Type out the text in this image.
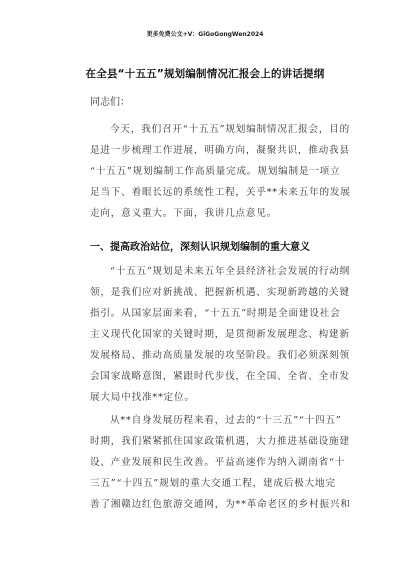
更多免费公文+V：GiGoGongWen2024
在全县“十五五”规划编制情况汇报会上的讲话提纲
同志们：
今天，我们召开“十五五”规划编制情况汇报会，目的
是进一步梳理工作进展，明确方向，凝聚共识，推动我县
“十五五”规划编制工作高质量完成。规划编制是一项立
足当下、着眼长远的系统性工程，关乎**未来五年的发展
走向，意义重大。下面，我讲几点意见。
一、提高政治站位，深刻认识规划编制的重大意义
“十五五”规划是未来五年全县经济社会发展的行动纲
领，是我们应对新挑战、把握新机遇、实现新跨越的关键
指引。从国家层面来看，“十五五”时期是全面建设社会
主义现代化国家的关键时期，是贯彻新发展理念、构建新
发展格局、推动高质量发展的攻坚阶段。我们必须深刻领
会国家战略意图，紧跟时代步伐，在全国、全省、全市发
展大局中找准**定位。
从**自身发展历程来看，过去的“十三五”“十四五”
时期，我们紧紧抓住国家政策机遇，大力推进基础设施建
设、产业发展和民生改善。平益高速作为纳入湖南省“十
三五”“十四五”规划的重大交通工程，建成后极大地完
善了湘赣边红色旅游交通网，为**革命老区的乡村振兴和
